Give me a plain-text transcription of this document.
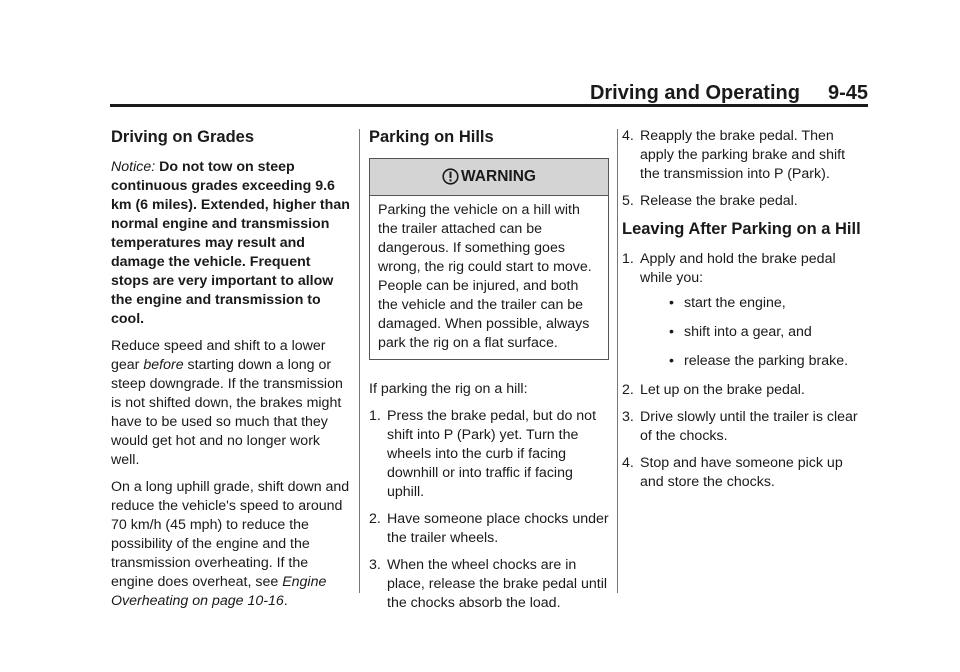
Driving and Operating 9-45
Driving on Grades

Notice: Do not tow on steep continuous grades exceeding 9.6 km (6 miles). Extended, higher than normal engine and transmission temperatures may result and damage the vehicle. Frequent stops are very important to allow the engine and transmission to cool.

Reduce speed and shift to a lower gear before starting down a long or steep downgrade. If the transmission is not shifted down, the brakes might have to be used so much that they would get hot and no longer work well.

On a long uphill grade, shift down and reduce the vehicle's speed to around 70 km/h (45 mph) to reduce the possibility of the engine and the transmission overheating. If the engine does overheat, see Engine Overheating on page 10-16.

Parking on Hills
WARNING
Parking the vehicle on a hill with the trailer attached can be dangerous. If something goes wrong, the rig could start to move. People can be injured, and both the vehicle and the trailer can be damaged. When possible, always park the rig on a flat surface.

If parking the rig on a hill:

1. Press the brake pedal, but do not shift into P (Park) yet. Turn the wheels into the curb if facing downhill or into traffic if facing uphill.
2. Have someone place chocks under the trailer wheels.
3. When the wheel chocks are in place, release the brake pedal until the chocks absorb the load.
4. Reapply the brake pedal. Then apply the parking brake and shift the transmission into P (Park).
5. Release the brake pedal.
Leaving After Parking on a Hill
1. Apply and hold the brake pedal while you:
• start the engine,
• shift into a gear, and
• release the parking brake.
2. Let up on the brake pedal.
3. Drive slowly until the trailer is clear of the chocks.
4. Stop and have someone pick up and store the chocks.
